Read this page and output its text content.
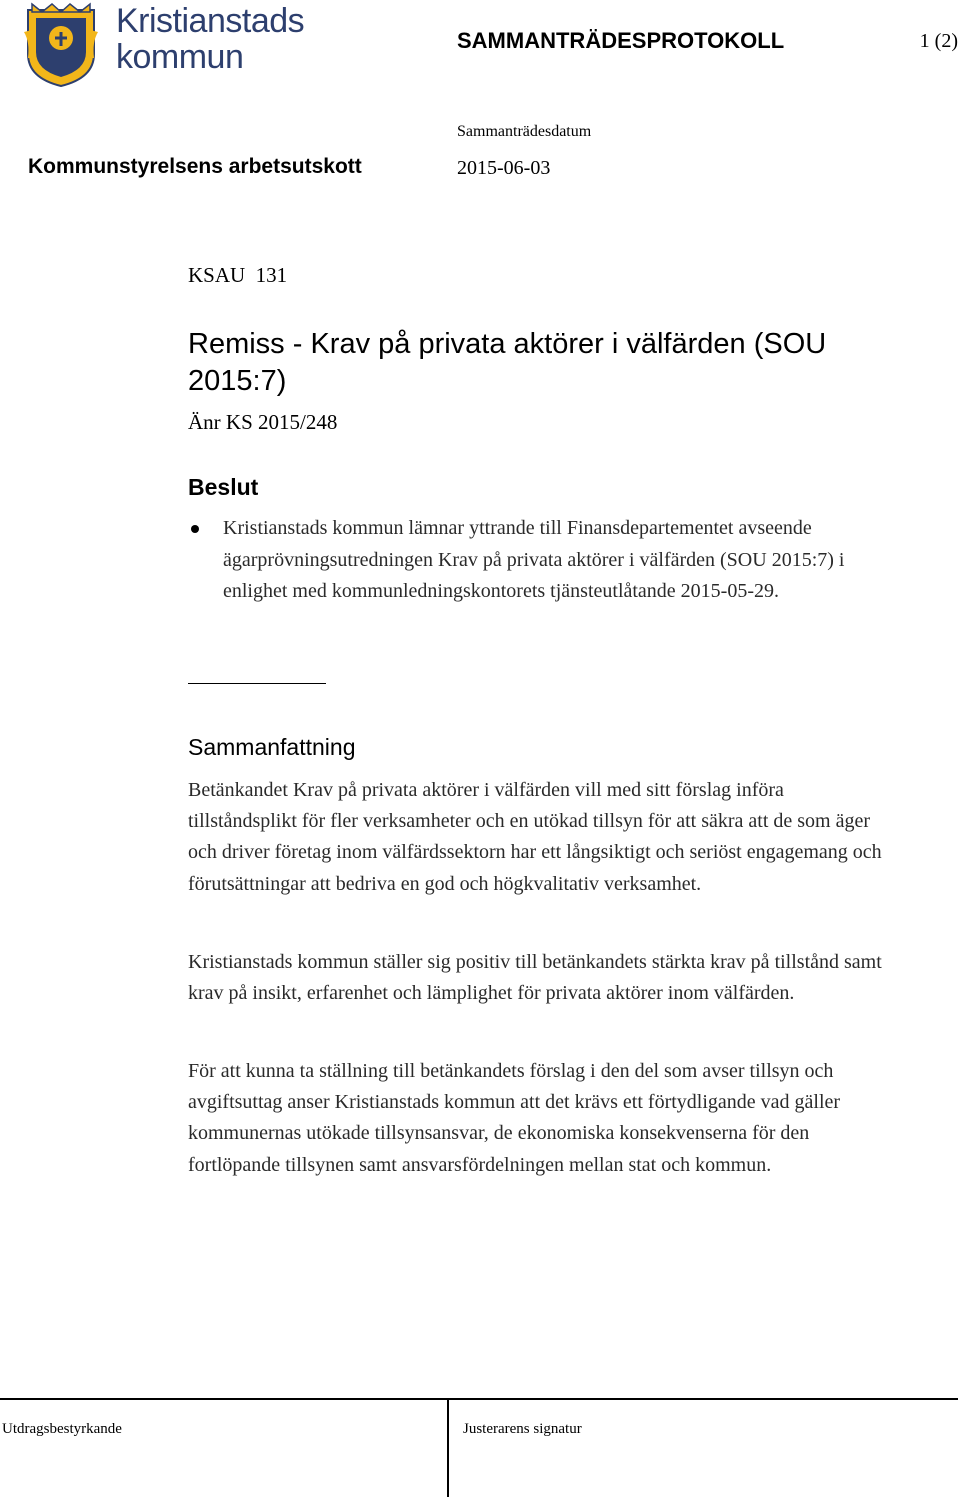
Kristianstads
kommun	SAMMANTRÄDESPROTOKOLL	1 (2)
Sammanträdesdatum
Kommunstyrelsens arbetsutskott	2015-06-03
KSAU  131
Remiss - Krav på privata aktörer i välfärden (SOU 2015:7)
Änr KS 2015/248
Beslut
Kristianstads kommun lämnar yttrande till Finansdepartementet avseende ägarprövningsutredningen Krav på privata aktörer i välfärden (SOU 2015:7) i enlighet med kommunledningskontorets tjänsteutlåtande 2015-05-29.
Sammanfattning

Betänkandet Krav på privata aktörer i välfärden vill med sitt förslag införa tillståndsplikt för fler verksamheter och en utökad tillsyn för att säkra att de som äger och driver företag inom välfärdssektorn har ett långsiktigt och seriöst engagemang och förutsättningar att bedriva en god och högkvalitativ verksamhet.

Kristianstads kommun ställer sig positiv till betänkandets stärkta krav på tillstånd samt krav på insikt, erfarenhet och lämplighet för privata aktörer inom välfärden.

För att kunna ta ställning till betänkandets förslag i den del som avser tillsyn och avgiftsuttag anser Kristianstads kommun att det krävs ett förtydligande vad gäller kommunernas utökade tillsynsansvar, de ekonomiska konsekvenserna för den fortlöpande tillsynen samt ansvarsfördelningen mellan stat och kommun.

Utdragsbestyrkande	Justerarens signatur
